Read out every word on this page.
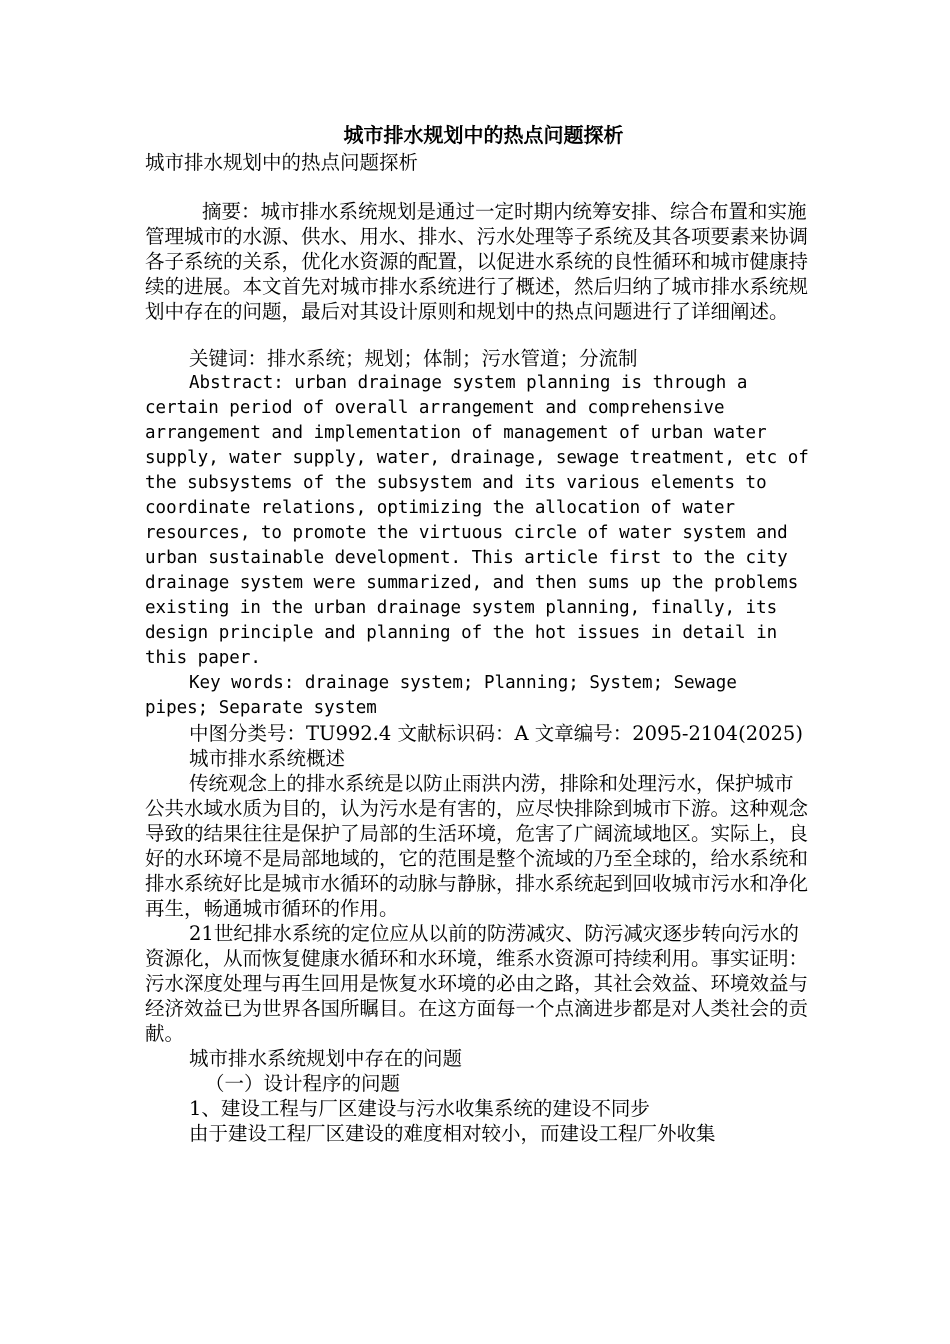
城市排水规划中的热点问题探析

城市排水规划中的热点问题探析

摘要：城市排水系统规划是通过一定时期内统筹安排、综合布置和实施管理城市的水源、供水、用水、排水、污水处理等子系统及其各项要素来协调各子系统的关系，优化水资源的配置，以促进水系统的良性循环和城市健康持续的进展。本文首先对城市排水系统进行了概述，然后归纳了城市排水系统规划中存在的问题，最后对其设计原则和规划中的热点问题进行了详细阐述。

关键词：排水系统；规划；体制；污水管道；分流制

Abstract: urban drainage system planning is through a certain period of overall arrangement and comprehensive arrangement and implementation of management of urban water supply, water supply, water, drainage, sewage treatment, etc of the subsystems of the subsystem and its various elements to coordinate relations, optimizing the allocation of water resources, to promote the virtuous circle of water system and urban sustainable development. This article first to the city drainage system were summarized, and then sums up the problems existing in the urban drainage system planning, finally, its design principle and planning of the hot issues in detail in this paper.

Key words: drainage system; Planning; System; Sewage pipes; Separate system

中图分类号：TU992.4 文献标识码：A 文章编号：2095-2104(2025)

城市排水系统概述

传统观念上的排水系统是以防止雨洪内涝，排除和处理污水，保护城市公共水域水质为目的，认为污水是有害的，应尽快排除到城市下游。这种观念导致的结果往往是保护了局部的生活环境，危害了广阔流域地区。实际上，良好的水环境不是局部地域的，它的范围是整个流域的乃至全球的，给水系统和排水系统好比是城市水循环的动脉与静脉，排水系统起到回收城市污水和净化再生，畅通城市循环的作用。

21世纪排水系统的定位应从以前的防涝减灾、防污减灾逐步转向污水的资源化，从而恢复健康水循环和水环境，维系水资源可持续利用。事实证明：污水深度处理与再生回用是恢复水环境的必由之路，其社会效益、环境效益与经济效益已为世界各国所瞩目。在这方面每一个点滴进步都是对人类社会的贡献。

城市排水系统规划中存在的问题

（一）设计程序的问题

1、建设工程与厂区建设与污水收集系统的建设不同步

由于建设工程厂区建设的难度相对较小，而建设工程厂外收集
